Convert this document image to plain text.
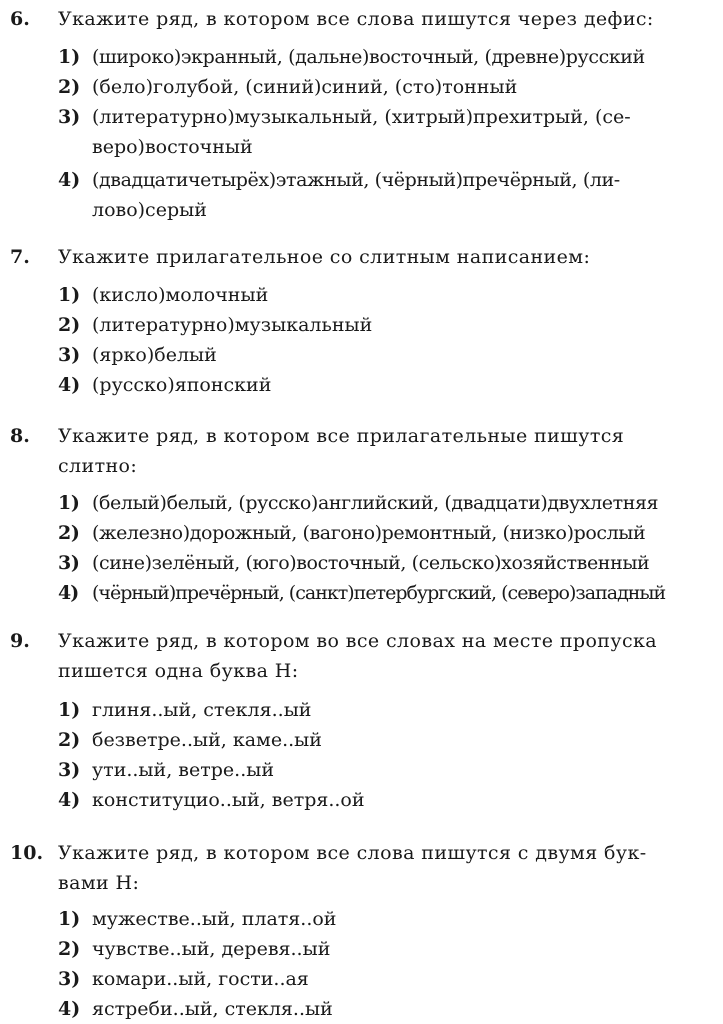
6. Укажите ряд, в котором все слова пишутся через дефис:
1) (широко)экранный, (дальне)восточный, (древне)русский
2) (бело)голубой, (синий)синий, (сто)тонный
3) (литературно)музыкальный, (хитрый)прехитрый, (се-
веро)восточный
4) (двадцатичетырёх)этажный, (чёрный)пречёрный, (ли-
лово)серый
7. Укажите прилагательное со слитным написанием:
1) (кисло)молочный
2) (литературно)музыкальный
3) (ярко)белый
4) (русско)японский
8. Укажите ряд, в котором все прилагательные пишутся
слитно:
1) (белый)белый, (русско)английский, (двадцати)двухлетняя
2) (железно)дорожный, (вагоно)ремонтный, (низко)рослый
3) (сине)зелёный, (юго)восточный, (сельско)хозяйственный
4) (чёрный)пречёрный, (санкт)петербургский, (северо)западный
9. Укажите ряд, в котором во все словах на месте пропуска
пишется одна буква Н:
1) глиня..ый, стекля..ый
2) безветре..ый, каме..ый
3) ути..ый, ветре..ый
4) конституцио..ый, ветря..ой
10. Укажите ряд, в котором все слова пишутся с двумя бук-
вами Н:
1) мужестве..ый, платя..ой
2) чувстве..ый, деревя..ый
3) комари..ый, гости..ая
4) ястреби..ый, стекля..ый
